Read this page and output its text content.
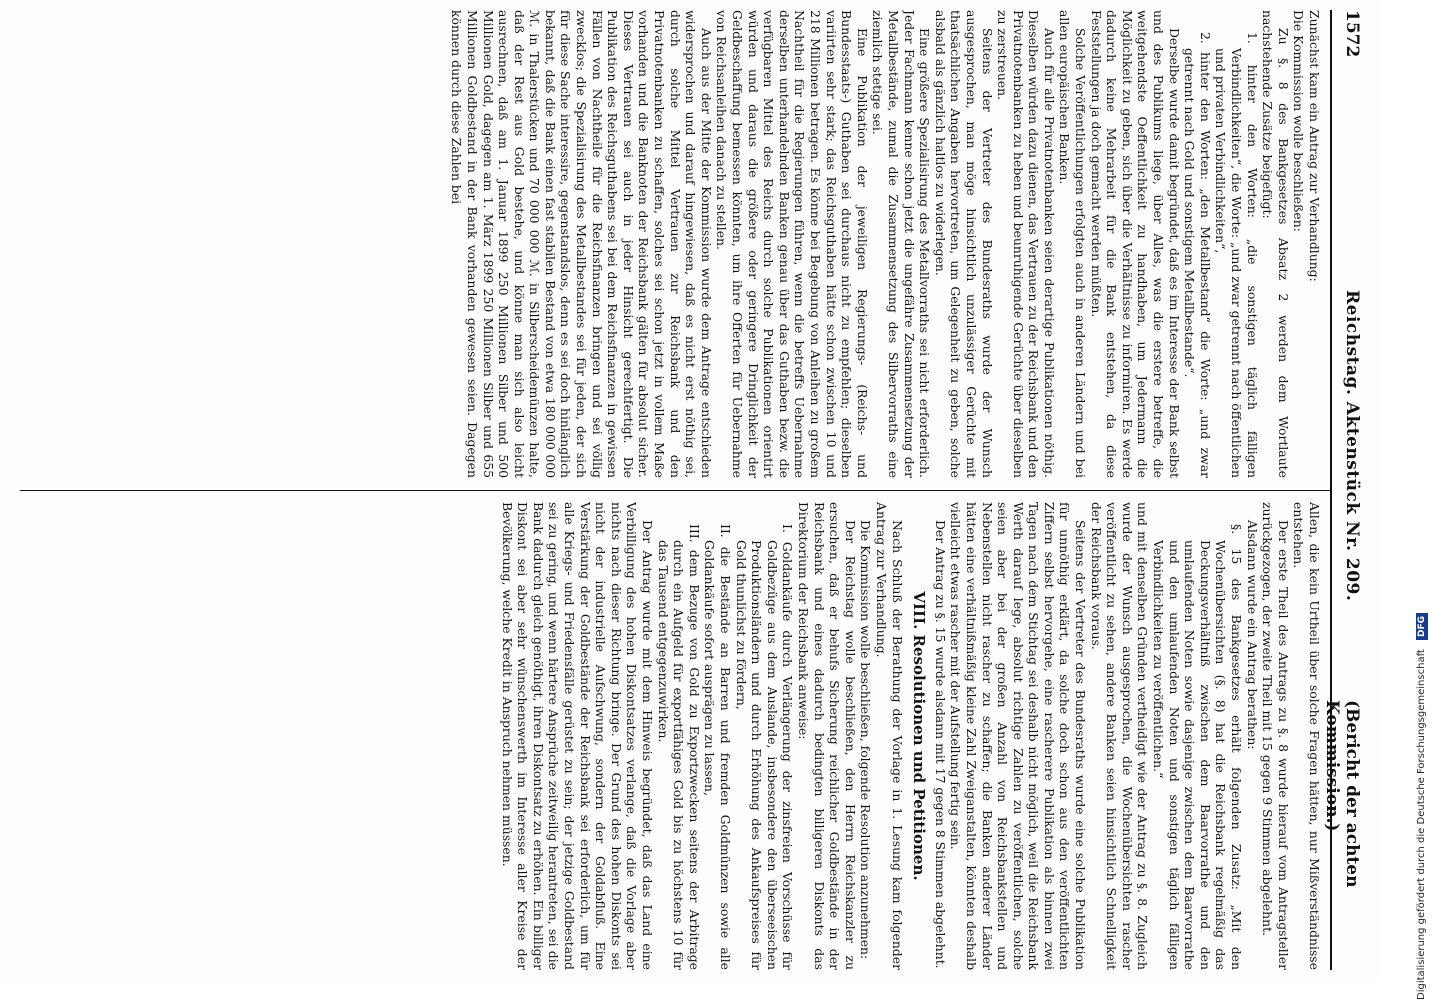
1572
Reichstag. Aktenstück Nr. 209.
(Bericht der achten Kommission.)

Zunächst kam ein Antrag zur Verhandlung:

Die Kommission wolle beschließen:

Zu §. 8 des Bankgesetzes Absatz 2 werden dem Wortlaute nachstehende Zusätze beigefügt:

1. hinter den Worten: „die sonstigen täglich fälligen Verbindlichkeiten“, die Worte: „und zwar getrennt nach öffentlichen und privaten Verbindlichkeiten“,

2. hinter den Worten: „den Metallbestand“ die Worte: „und zwar getrennt nach Gold und sonstigem Metallbestande“.

Derselbe wurde damit begründet, daß es im Interesse der Bank selbst und des Publikums liege, über Alles, was die erstere betreffe, die weitgehendste Oeffentlichkeit zu handhaben, um Jedermann die Möglichkeit zu geben, sich über die Verhältnisse zu informiren. Es werde dadurch keine Mehrarbeit für die Bank entstehen, da diese Feststellungen ja doch gemacht werden müßten.

Solche Veröffentlichungen erfolgten auch in anderen Ländern und bei allen europäischen Banken.

Auch für alle Privatnotenbanken seien derartige Publikationen nöthig. Dieselben würden dazu dienen, das Vertrauen zu der Reichsbank und den Privatnotenbanken zu heben und beunruhigende Gerüchte über dieselben zu zerstreuen.

Seitens der Vertreter des Bundesraths wurde der Wunsch ausgesprochen, man möge hinsichtlich unzulässiger Gerüchte mit thatsächlichen Angaben hervortreten, um Gelegenheit zu geben, solche alsbald als gänzlich haltlos zu widerlegen.

Eine größere Spezialisirung des Metallvorraths sei nicht erforderlich. Jeder Fachmann kenne schon jetzt die ungefähre Zusammensetzung der Metallbestände, zumal die Zusammensetzung des Silbervorraths eine ziemlich stetige sei.

Eine Publikation der jeweiligen Regierungs- (Reichs- und Bundesstaats-) Guthaben sei durchaus nicht zu empfehlen; dieselben variirten sehr stark; das Reichsguthaben hätte schon zwischen 10 und 218 Millionen betragen. Es könne bei Begebung von Anleihen zu großem Nachtheil für die Regierungen führen, wenn die betreffs Uebernahme derselben unterhandelnden Banken genau über das Guthaben bezw. die verfügbaren Mittel des Reichs durch solche Publikationen orientirt würden und daraus die größere oder geringere Dringlichkeit der Geldbeschaffung bemessen könnten, um ihre Offerten für Uebernahme von Reichsanleihen danach zu stellen.

Auch aus der Mitte der Kommission wurde dem Antrage entschieden widersprochen und darauf hingewiesen, daß es nicht erst nöthig sei, durch solche Mittel Vertrauen zur Reichsbank und den Privatnotenbanken zu schaffen, solches sei schon jetzt in vollem Maße vorhanden und die Banknoten der Reichsbank gälten für absolut sicher. Dieses Vertrauen sei auch in jeder Hinsicht gerechtfertigt. Die Publikation des Reichsguthabens sei bei dem Reichsfinanzen in gewissen Fällen von Nachtheile für die Reichsfinanzen bringen und sei völlig zwecklos; die Spezialisirung des Metallbestandes sei für jeden, der sich für diese Sache interessire, gegenstandslos, denn es sei doch hinlänglich bekannt, daß die Bank einen fast stabilen Bestand von etwa 180 000 000 ℳ. in Thalerstücken und 70 000 000 ℳ. in Silberscheidemünzen halte, daß der Rest aus Gold bestehe, und könne man sich also leicht ausrechnen, daß am 1. Januar 1899 250 Millionen Silber und 500 Millionen Gold, dagegen am 1. März 1899 250 Millionen Silber und 655 Millionen Goldbestand in der Bank vorhanden gewesen seien. Dagegen können durch diese Zahlen bei

Allen, die kein Urtheil über solche Fragen hätten, nur Mißverständnisse entstehen.

Der erste Theil des Antrags zu §. 8 wurde hierauf vom Antragsteller zurückgezogen, der zweite Theil mit 15 gegen 9 Stimmen abgelehnt.

Alsdann wurde ein Antrag berathen:

§. 15 des Bankgesetzes erhält folgenden Zusatz: „Mit den Wochenübersichten (§. 8) hat die Reichsbank regelmäßig das Deckungsverhältniß zwischen dem Baarvorrathe und den umlaufenden Noten sowie dasjenige zwischen dem Baarvorrathe und den umlaufenden Noten und sonstigen täglich fälligen Verbindlichkeiten zu veröffentlichen.“

und mit denselben Gründen vertheidigt wie der Antrag zu §. 8. Zugleich wurde der Wunsch ausgesprochen, die Wochenübersichten rascher veröffentlicht zu sehen, andere Banken seien hinsichtlich Schnelligkeit der Reichsbank voraus.

Seitens der Vertreter des Bundesraths wurde eine solche Publikation für unnöthig erklärt, da solche doch schon aus den veröffentlichten Ziffern selbst hervorgehe, eine rascherere Publikation als binnen zwei Tagen nach dem Stichtag sei deshalb nicht möglich, weil die Reichsbank Werth darauf lege, absolut richtige Zahlen zu veröffentlichen, solche seien aber bei der großen Anzahl von Reichsbankstellen und Nebenstellen nicht rascher zu schaffen; die Banken anderer Länder hätten eine verhältnißmäßig kleine Zahl Zweiganstalten, könnten deshalb vielleicht etwas rascher mit der Aufstellung fertig sein.

Der Antrag zu §. 15 wurde alsdann mit 17 gegen 8 Stimmen abgelehnt.

VIII. Resolutionen und Petitionen.

Nach Schluß der Berathung der Vorlage in 1. Lesung kam folgender Antrag zur Verhandlung.

Die Kommission wolle beschließen, folgende Resolution anzunehmen:

Der Reichstag wolle beschließen, den Herrn Reichskanzler zu ersuchen, daß er behufs Sicherung reichlicher Goldbestände in der Reichsbank und eines dadurch bedingten billigeren Diskonts das Direktorium der Reichsbank anweise:

I. Goldankäufe durch Verlängerung der zinsfreien Vorschüsse für Goldbezüge aus dem Auslande, insbesondere den überseeischen Produktionsländern und durch Erhöhung des Ankaufspreises für Gold thunlichst zu fördern,

II. die Bestände an Barren und fremden Goldmünzen sowie alle Goldankäufe sofort ausprägen zu lassen,

III. dem Bezuge von Gold zu Exportzwecken seitens der Arbitrage durch ein Aufgeld für exportfähiges Gold bis zu höchstens 10 für das Tausend entgegenzuwirken.

Der Antrag wurde mit dem Hinweis begründet, daß das Land eine Verbilligung des hohen Diskontsatzes verlange, daß die Vorlage aber nichts nach dieser Richtung bringe. Der Grund des hohen Diskonts sei nicht der industrielle Aufschwung, sondern der Goldabfluß. Eine Verstärkung der Goldbestände der Reichsbank sei erforderlich, um für alle Kriegs- und Friedensfälle gerüstet zu sein; der jetzige Goldbestand sei zu gering, und wenn härtere Ansprüche zeitweilig herantreten, sei die Bank dadurch gleich genöthigt, ihren Diskontsatz zu erhöhen. Ein billiger Diskont sei aber sehr wünschenswerth im Interesse aller Kreise der Bevölkerung, welche Kredit in Anspruch nehmen müssen.	Digitalisierung gefördert durch die Deutsche Forschungsgemeinschaft DFG
